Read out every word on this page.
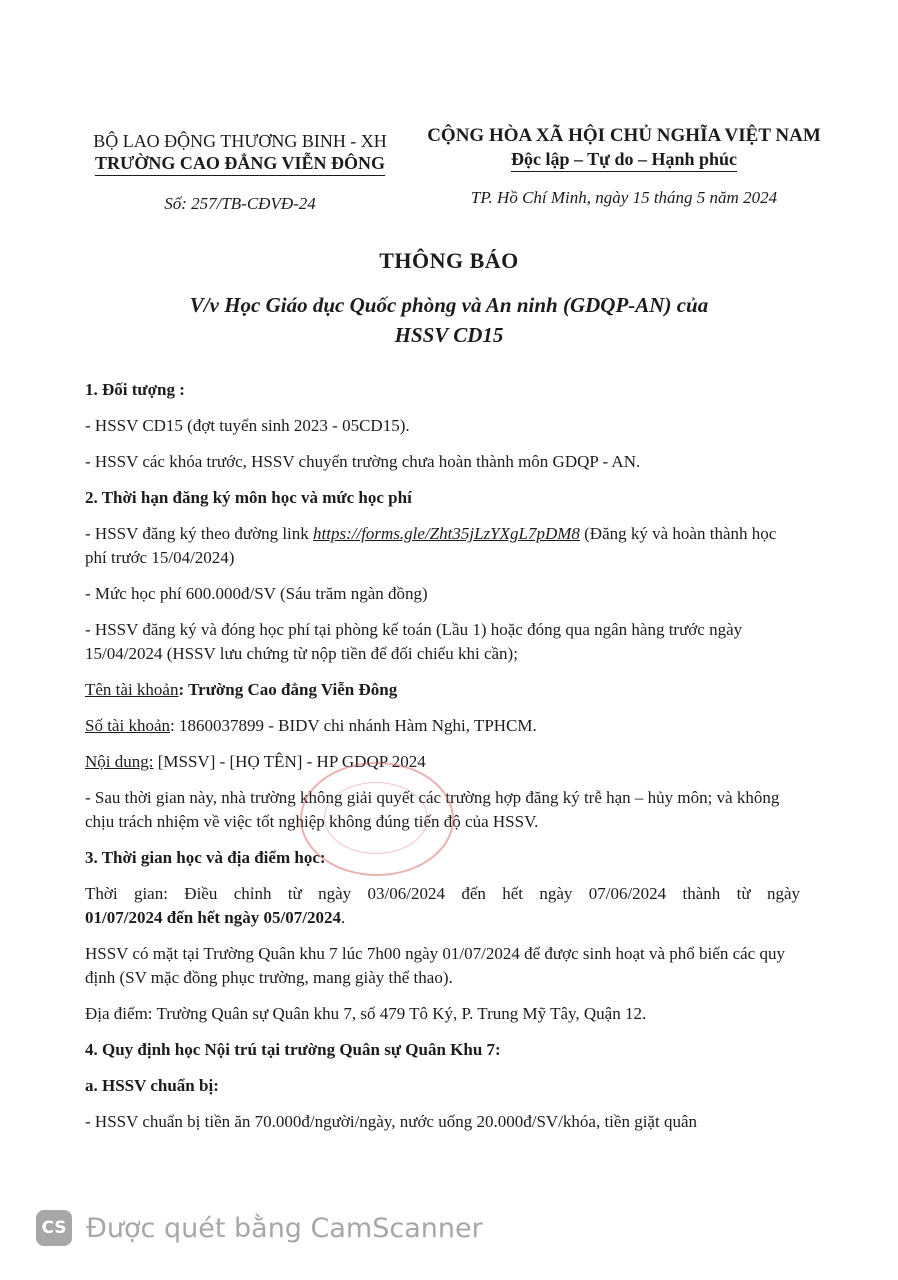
BỘ LAO ĐỘNG THƯƠNG BINH - XH
TRƯỜNG CAO ĐẲNG VIỄN ĐÔNG
CỘNG HÒA XÃ HỘI CHỦ NGHĨA VIỆT NAM
Độc lập – Tự do – Hạnh phúc
Số: 257/TB-CĐVĐ-24	TP. Hồ Chí Minh, ngày 15 tháng 5 năm 2024
THÔNG BÁO
V/v Học Giáo dục Quốc phòng và An ninh (GDQP-AN) của
HSSV CD15

1. Đối tượng :

- HSSV CD15 (đợt tuyển sinh 2023 - 05CD15).

- HSSV các khóa trước, HSSV chuyển trường chưa hoàn thành môn GDQP - AN.

2. Thời hạn đăng ký môn học và mức học phí

- HSSV đăng ký theo đường link https://forms.gle/Zht35jLzYXgL7pDM8 (Đăng ký và hoàn thành học phí trước 15/04/2024)

- Mức học phí 600.000đ/SV (Sáu trăm ngàn đồng)

- HSSV đăng ký và đóng học phí tại phòng kế toán (Lầu 1) hoặc đóng qua ngân hàng trước ngày 15/04/2024 (HSSV lưu chứng từ nộp tiền để đối chiếu khi cần);

Tên tài khoản: Trường Cao đẳng Viễn Đông

Số tài khoản: 1860037899 - BIDV chi nhánh Hàm Nghi, TPHCM.

Nội dung: [MSSV] - [HỌ TÊN] - HP GDQP 2024

- Sau thời gian này, nhà trường không giải quyết các trường hợp đăng ký trễ hạn – hủy môn; và không chịu trách nhiệm về việc tốt nghiệp không đúng tiến độ của HSSV.

3. Thời gian học và địa điểm học:

Thời gian: Điều chỉnh từ ngày 03/06/2024 đến hết ngày 07/06/2024 thành từ ngày
01/07/2024 đến hết ngày 05/07/2024.

HSSV có mặt tại Trường Quân khu 7 lúc 7h00 ngày 01/07/2024 để được sinh hoạt và phổ biến các quy định (SV mặc đồng phục trường, mang giày thể thao).

Địa điểm: Trường Quân sự Quân khu 7, số 479 Tô Ký, P. Trung Mỹ Tây, Quận 12.

4. Quy định học Nội trú tại trường Quân sự Quân Khu 7:

a. HSSV chuẩn bị:

- HSSV chuẩn bị tiền ăn 70.000đ/người/ngày, nước uống 20.000đ/SV/khóa, tiền giặt quân

CS Được quét bằng CamScanner
